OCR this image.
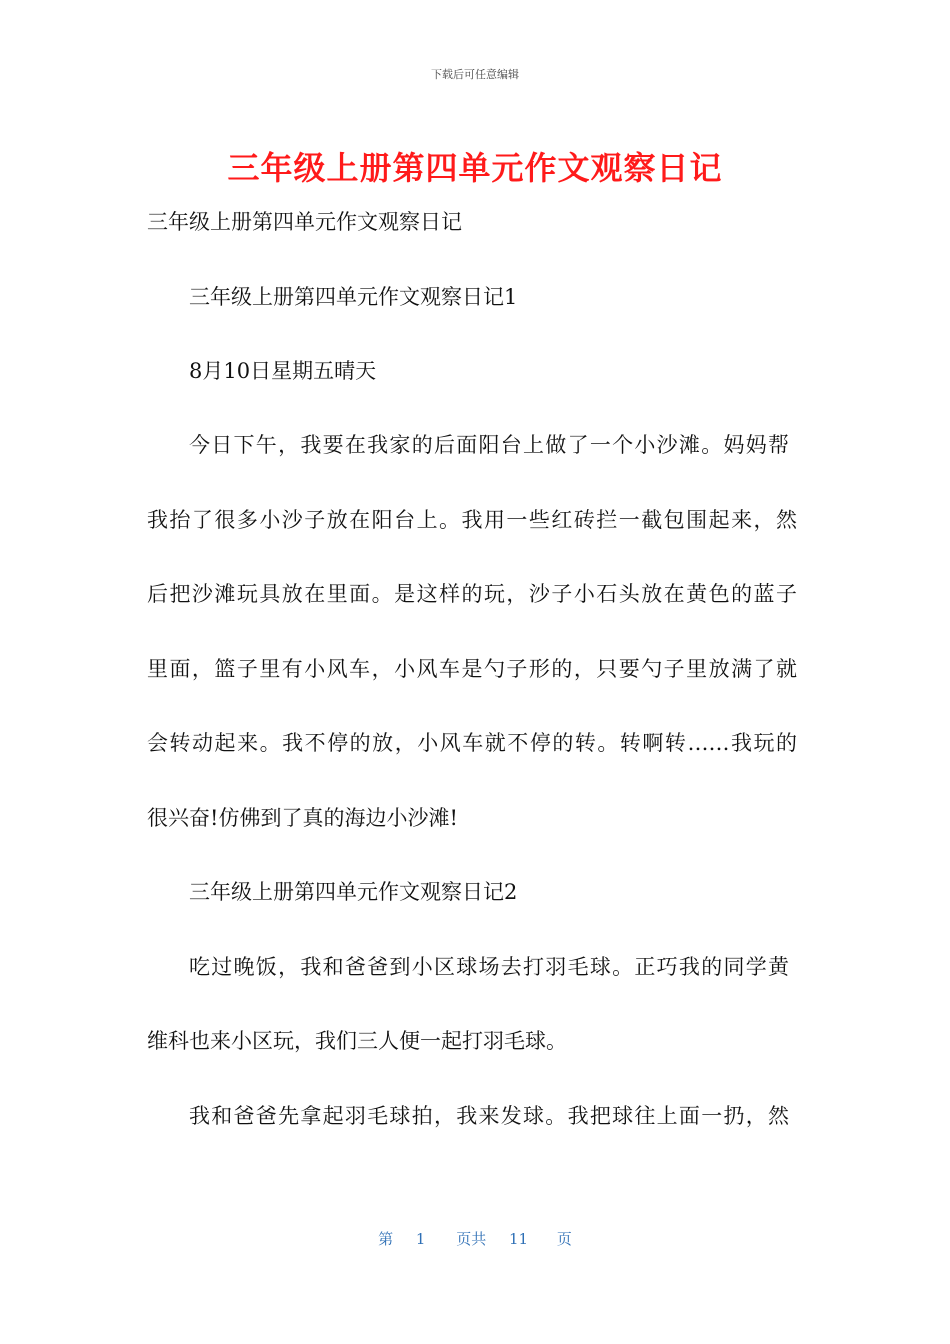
下载后可任意编辑
三年级上册第四单元作文观察日记
三年级上册第四单元作文观察日记
三年级上册第四单元作文观察日记1
8月10日星期五晴天
今日下午，我要在我家的后面阳台上做了一个小沙滩。妈妈帮
我抬了很多小沙子放在阳台上。我用一些红砖拦一截包围起来，然
后把沙滩玩具放在里面。是这样的玩，沙子小石头放在黄色的蓝子
里面，篮子里有小风车，小风车是勺子形的，只要勺子里放满了就
会转动起来。我不停的放，小风车就不停的转。转啊转……我玩的
很兴奋!仿佛到了真的海边小沙滩!
三年级上册第四单元作文观察日记2
吃过晚饭，我和爸爸到小区球场去打羽毛球。正巧我的同学黄
维科也来小区玩，我们三人便一起打羽毛球。
我和爸爸先拿起羽毛球拍，我来发球。我把球往上面一扔，然
第 1 页共 11 页
